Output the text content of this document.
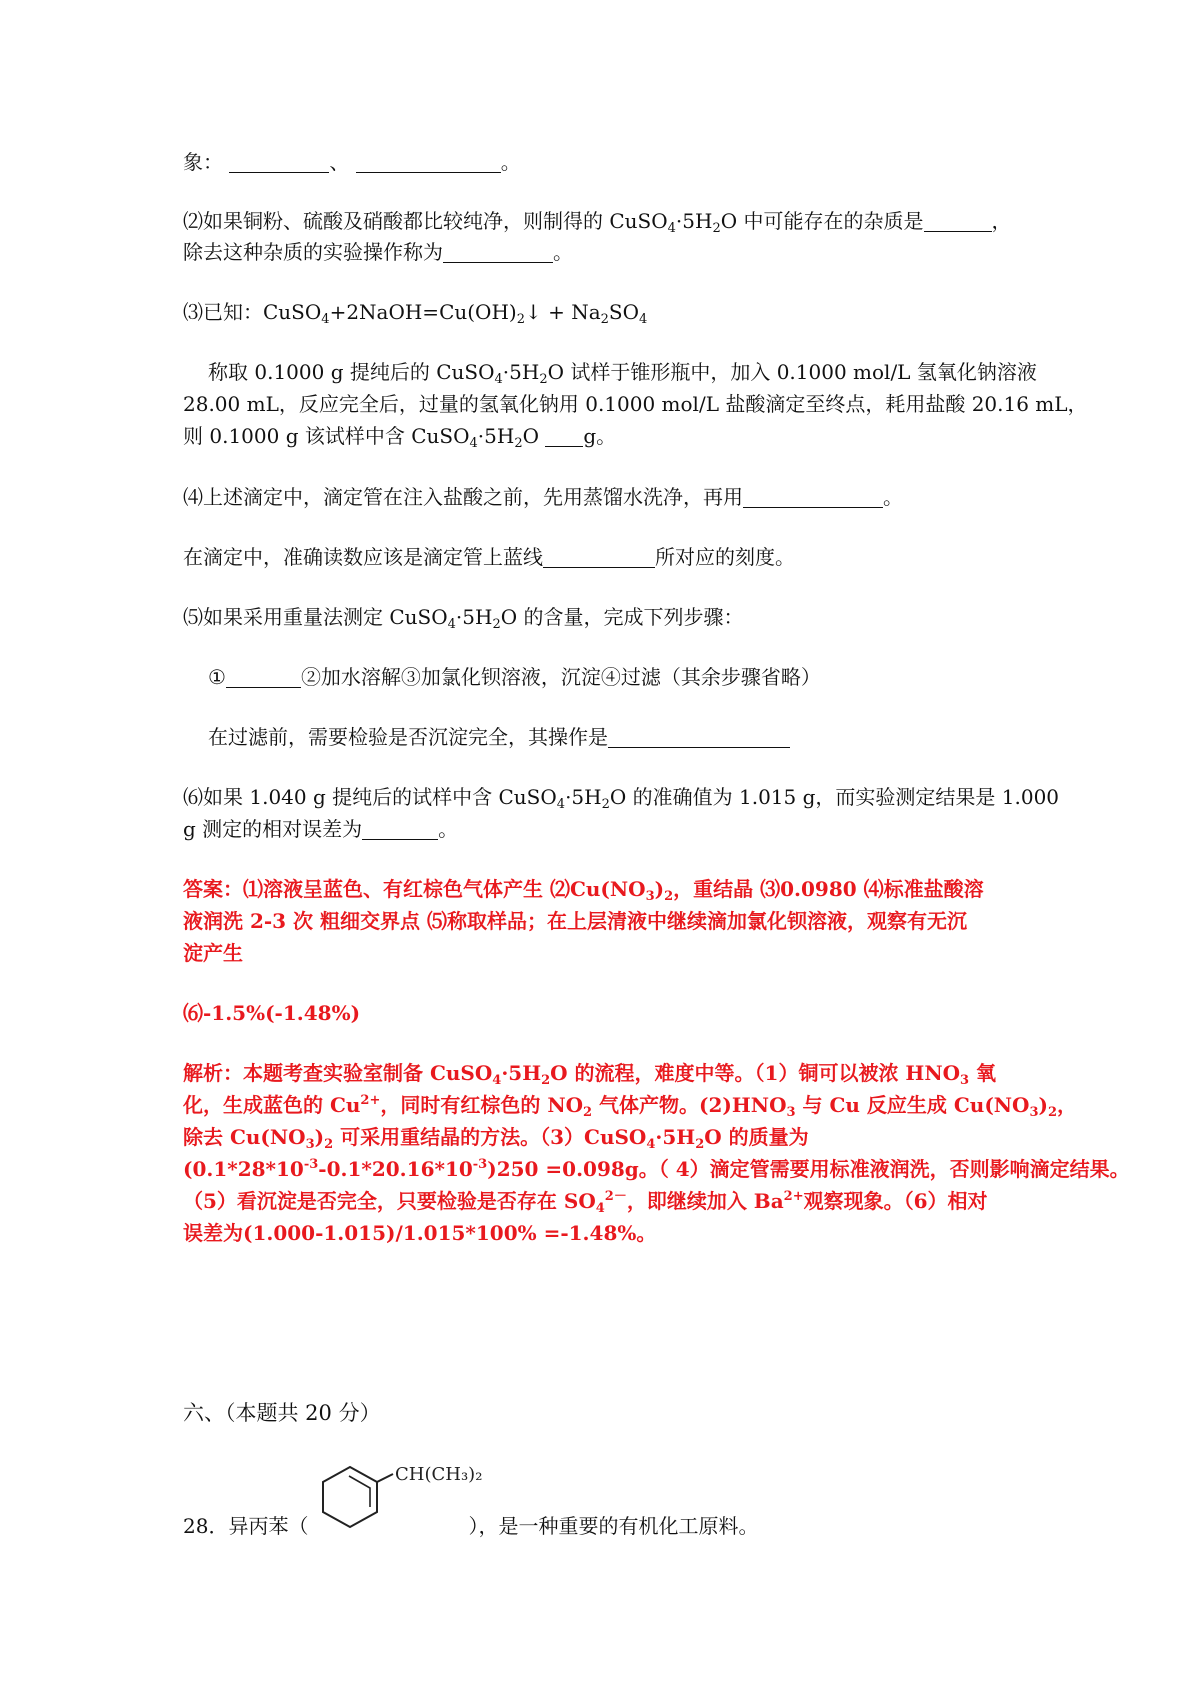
象：	、	。
⑵如果铜粉、硫酸及硝酸都比较纯净，则制得的 $CuSO_4\cdot 5H_2O$ 中可能存在的杂质是	，
除去这种杂质的实验操作称为	。
⑶已知：$CuSO_4+2NaOH=Cu(OH)_2↓ + Na_2SO_4$
称取 0.1000 g 提纯后的 $CuSO_4\cdot 5H_2O$ 试样于锥形瓶中，加入 0.1000 mol/L 氢氧化钠溶液
28.00 mL，反应完全后，过量的氢氧化钠用 0.1000 mol/L 盐酸滴定至终点，耗用盐酸 20.16 mL，
则 0.1000 g 该试样中含 $CuSO_4\cdot 5H_2O$ g。
⑷上述滴定中，滴定管在注入盐酸之前，先用蒸馏水洗净，再用	。
在滴定中，准确读数应该是滴定管上蓝线	所对应的刻度。
⑸如果采用重量法测定 $CuSO_4\cdot 5H_2O$ 的含量，完成下列步骤：
①	②加水溶解③加氯化钡溶液，沉淀④过滤（其余步骤省略）
在过滤前，需要检验是否沉淀完全，其操作是
⑹如果 1.040 g 提纯后的试样中含 $CuSO_4\cdot 5H_2O$ 的准确值为 1.015 g，而实验测定结果是 1.000
g 测定的相对误差为	。
答案：⑴溶液呈蓝色、有红棕色气体产生 $⑵Cu(NO_3)_2$，重结晶 ⑶0.0980 ⑷标准盐酸溶
液润洗 2-3 次 粗细交界点 ⑸称取样品；在上层清液中继续滴加氯化钡溶液，观察有无沉
淀产生
⑹-1.5%(-1.48%)
解析：本题考查实验室制备 $CuSO_4\cdot 5H_2O$ 的流程，难度中等。（1）铜可以被浓 $HNO_3$ 氧
化，生成蓝色的 $Cu^{2+}$，同时有红棕色的 $NO_2$ 气体产物。$(2)HNO_3$ 与 Cu 反应生成 $Cu(NO_3)_2$，
除去 $Cu(NO_3)_2$ 可采用重结晶的方法。$(3)CuSO_4\cdot 5H_2O$ 的质量为
$(0.1*28*10^{-3}-0.1*20.16*10^{-3})250 =0.098g$。（ 4）滴定管需要用标准液润洗，否则影响滴定结果。
（5）看沉淀是否完全，只要检验是否存在 $SO_4^{2-}$，即继续加入 $Ba^{2+}$观察现象。（6）相对
误差为(1.000-1.015)/1.015*100% =-1.48%。
六、（本题共 20 分）
CH(CH₃)₂
28．异丙苯（	），是一种重要的有机化工原料。
